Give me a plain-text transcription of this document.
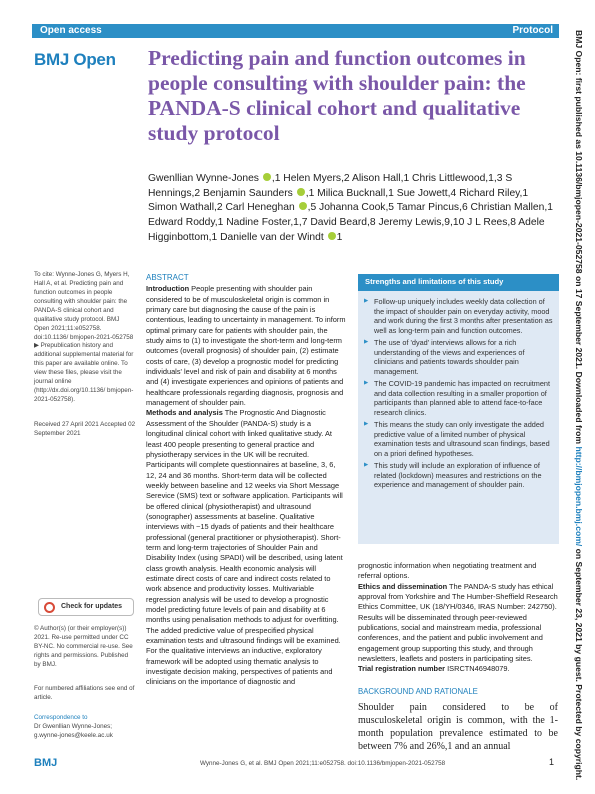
Open access	Protocol
BMJ Open Predicting pain and function outcomes in people consulting with shoulder pain: the PANDA-S clinical cohort and qualitative study protocol
Gwenllian Wynne-Jones ,1 Helen Myers,2 Alison Hall,1 Chris Littlewood,1,3 S Hennings,2 Benjamin Saunders ,1 Milica Bucknall,1 Sue Jowett,4 Richard Riley,1 Simon Wathall,2 Carl Heneghan ,5 Johanna Cook,5 Tamar Pincus,6 Christian Mallen,1 Edward Roddy,1 Nadine Foster,1,7 David Beard,8 Jeremy Lewis,9,10 J L Rees,8 Adele Higginbottom,1 Danielle van der Windt 1
To cite: Wynne-Jones G, Myers H, Hall A, et al. Predicting pain and function outcomes in people consulting with shoulder pain: the PANDA-S clinical cohort and qualitative study protocol. BMJ Open 2021;11:e052758. doi:10.1136/ bmjopen-2021-052758
▶ Prepublication history and additional supplemental material for this paper are available online. To view these files, please visit the journal online (http://dx.doi.org/10.1136/ bmjopen-2021-052758).
Received 27 April 2021 Accepted 02 September 2021
Check for updates
© Author(s) (or their employer(s)) 2021. Re-use permitted under CC BY-NC. No commercial re-use. See rights and permissions. Published by BMJ.
For numbered affiliations see end of article.
Correspondence to
Dr Gwenllian Wynne-Jones; g.wynne-jones@keele.ac.uk
ABSTRACT

Introduction People presenting with shoulder pain considered to be of musculoskeletal origin is common in primary care but diagnosing the cause of the pain is contentious, leading to uncertainty in management. To inform optimal primary care for patients with shoulder pain, the study aims to (1) to investigate the short-term and long-term outcomes (overall prognosis) of shoulder pain, (2) estimate costs of care, (3) develop a prognostic model for predicting individuals' level and risk of pain and disability at 6 months and (4) investigate experiences and opinions of patients and healthcare professionals regarding diagnosis, prognosis and management of shoulder pain.

Methods and analysis The Prognostic And Diagnostic Assessment of the Shoulder (PANDA-S) study is a longitudinal clinical cohort with linked qualitative study. At least 400 people presenting to general practice and physiotherapy services in the UK will be recruited. Participants will complete questionnaires at baseline, 3, 6, 12, 24 and 36 months. Short-term data will be collected weekly between baseline and 12 weeks via Short Message Serevice (SMS) text or software application. Participants will be offered clinical (physiotherapist) and ultrasound (sonographer) assessments at baseline. Qualitative interviews with ~15 dyads of patients and their healthcare professional (general practitioner or physiotherapist). Short-term and long-term trajectories of Shoulder Pain and Disability Index (using SPADI) will be described, using latent class growth analysis. Health economic analysis will estimate direct costs of care and indirect costs related to work absence and productivity losses. Multivariable regression analysis will be used to develop a prognostic model predicting future levels of pain and disability at 6 months using penalisation methods to adjust for overfitting. The added predictive value of prespecified physical examination tests and ultrasound findings will be examined. For the qualitative interviews an inductive, exploratory framework will be adopted using thematic analysis to investigate decision making, perspectives of patients and clinicians on the importance of diagnostic and

Strengths and limitations of this study
▶ Follow-up uniquely includes weekly data collection of the impact of shoulder pain on everyday activity, mood and work during the first 3 months after presentation as well as long-term pain and function outcomes.
▶ The use of 'dyad' interviews allows for a rich understanding of the views and experiences of clinicians and patients towards shoulder pain management.
▶ The COVID-19 pandemic has impacted on recruitment and data collection resulting in a smaller proportion of participants than planned able to attend face-to-face research clinics.
▶ This means the study can only investigate the added predictive value of a limited number of physical examination tests and ultrasound scan findings, based on a priori defined hypotheses.
▶ This study will include an exploration of influence of related (lockdown) measures and restrictions on the experience and management of shoulder pain.

prognostic information when negotiating treatment and referral options.

Ethics and dissemination The PANDA-S study has ethical approval from Yorkshire and The Humber-Sheffield Research Ethics Committee, UK (18/YH/0346, IRAS Number: 242750). Results will be disseminated through peer-reviewed publications, social and mainstream media, professional conferences, and the patient and public involvement and engagement group supporting this study, and through newsletters, leaflets and posters in participating sites.

Trial registration number ISRCTN46948079.

BACKGROUND AND RATIONALE

Shoulder pain considered to be of musculoskeletal origin is common, with the 1-month population prevalence estimated to be between 7% and 26%,1 and an annual

BMJ	Wynne-Jones G, et al. BMJ Open 2021;11:e052758. doi:10.1136/bmjopen-2021-052758	1
BMJ Open: first published as 10.1136/bmjopen-2021-052758 on 17 September 2021. Downloaded from http://bmjopen.bmj.com/ on September 23, 2021 by guest. Protected by copyright.
